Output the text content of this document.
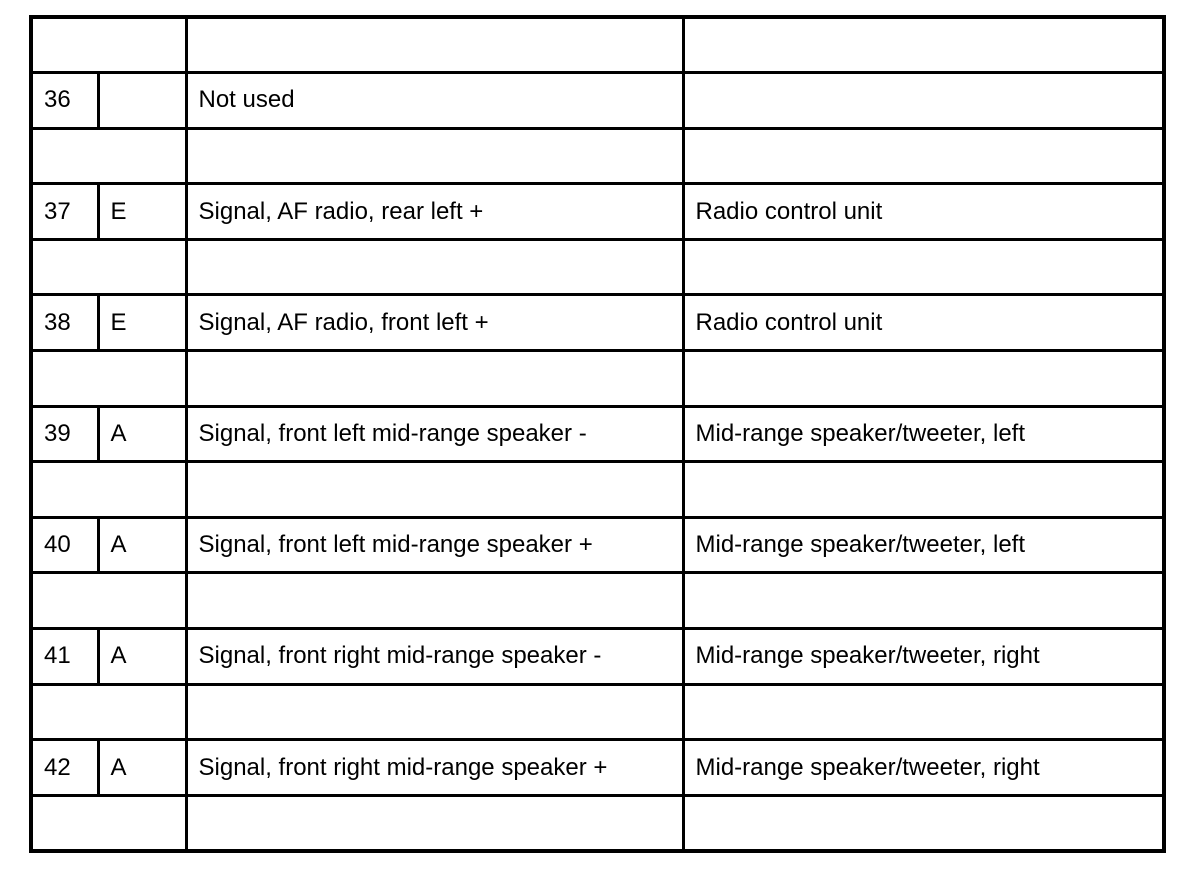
36		Not used	

37	E	Signal, AF radio, rear left +	Radio control unit

38	E	Signal, AF radio, front left +	Radio control unit

39	A	Signal, front left mid-range speaker -	Mid-range speaker/tweeter, left

40	A	Signal, front left mid-range speaker +	Mid-range speaker/tweeter, left

41	A	Signal, front right mid-range speaker -	Mid-range speaker/tweeter, right

42	A	Signal, front right mid-range speaker +	Mid-range speaker/tweeter, right
